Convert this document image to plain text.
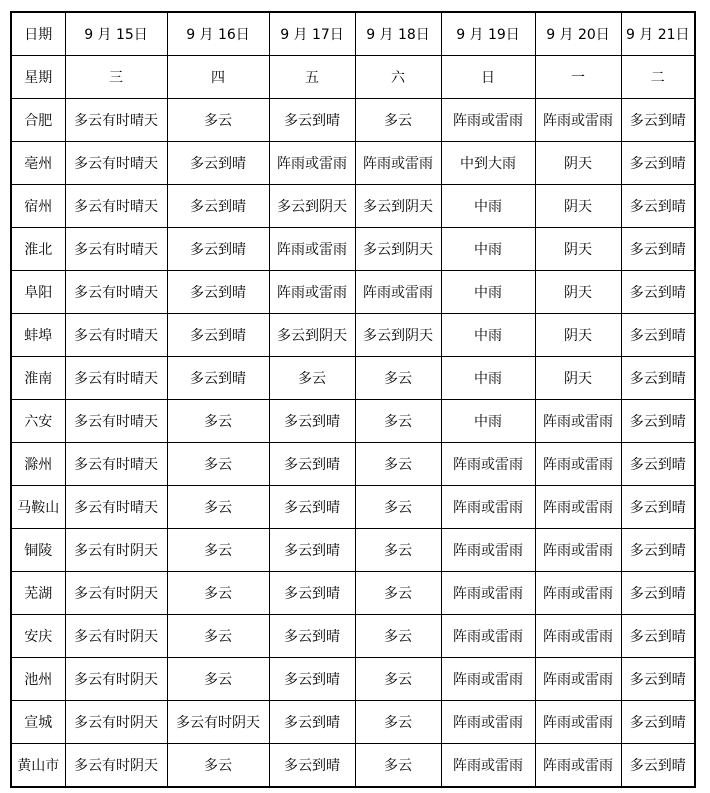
日期	9 月 15日	9 月 16日	9 月 17日	9 月 18日	9 月 19日	9 月 20日	9 月 21日
星期	三	四	五	六	日	一	二
合肥	多云有时晴天	多云	多云到晴	多云	阵雨或雷雨	阵雨或雷雨	多云到晴
亳州	多云有时晴天	多云到晴	阵雨或雷雨	阵雨或雷雨	中到大雨	阴天	多云到晴
宿州	多云有时晴天	多云到晴	多云到阴天	多云到阴天	中雨	阴天	多云到晴
淮北	多云有时晴天	多云到晴	阵雨或雷雨	多云到阴天	中雨	阴天	多云到晴
阜阳	多云有时晴天	多云到晴	阵雨或雷雨	阵雨或雷雨	中雨	阴天	多云到晴
蚌埠	多云有时晴天	多云到晴	多云到阴天	多云到阴天	中雨	阴天	多云到晴
淮南	多云有时晴天	多云到晴	多云	多云	中雨	阴天	多云到晴
六安	多云有时晴天	多云	多云到晴	多云	中雨	阵雨或雷雨	多云到晴
滁州	多云有时晴天	多云	多云到晴	多云	阵雨或雷雨	阵雨或雷雨	多云到晴
马鞍山	多云有时晴天	多云	多云到晴	多云	阵雨或雷雨	阵雨或雷雨	多云到晴
铜陵	多云有时阴天	多云	多云到晴	多云	阵雨或雷雨	阵雨或雷雨	多云到晴
芜湖	多云有时阴天	多云	多云到晴	多云	阵雨或雷雨	阵雨或雷雨	多云到晴
安庆	多云有时阴天	多云	多云到晴	多云	阵雨或雷雨	阵雨或雷雨	多云到晴
池州	多云有时阴天	多云	多云到晴	多云	阵雨或雷雨	阵雨或雷雨	多云到晴
宣城	多云有时阴天	多云有时阴天	多云到晴	多云	阵雨或雷雨	阵雨或雷雨	多云到晴
黄山市	多云有时阴天	多云	多云到晴	多云	阵雨或雷雨	阵雨或雷雨	多云到晴
